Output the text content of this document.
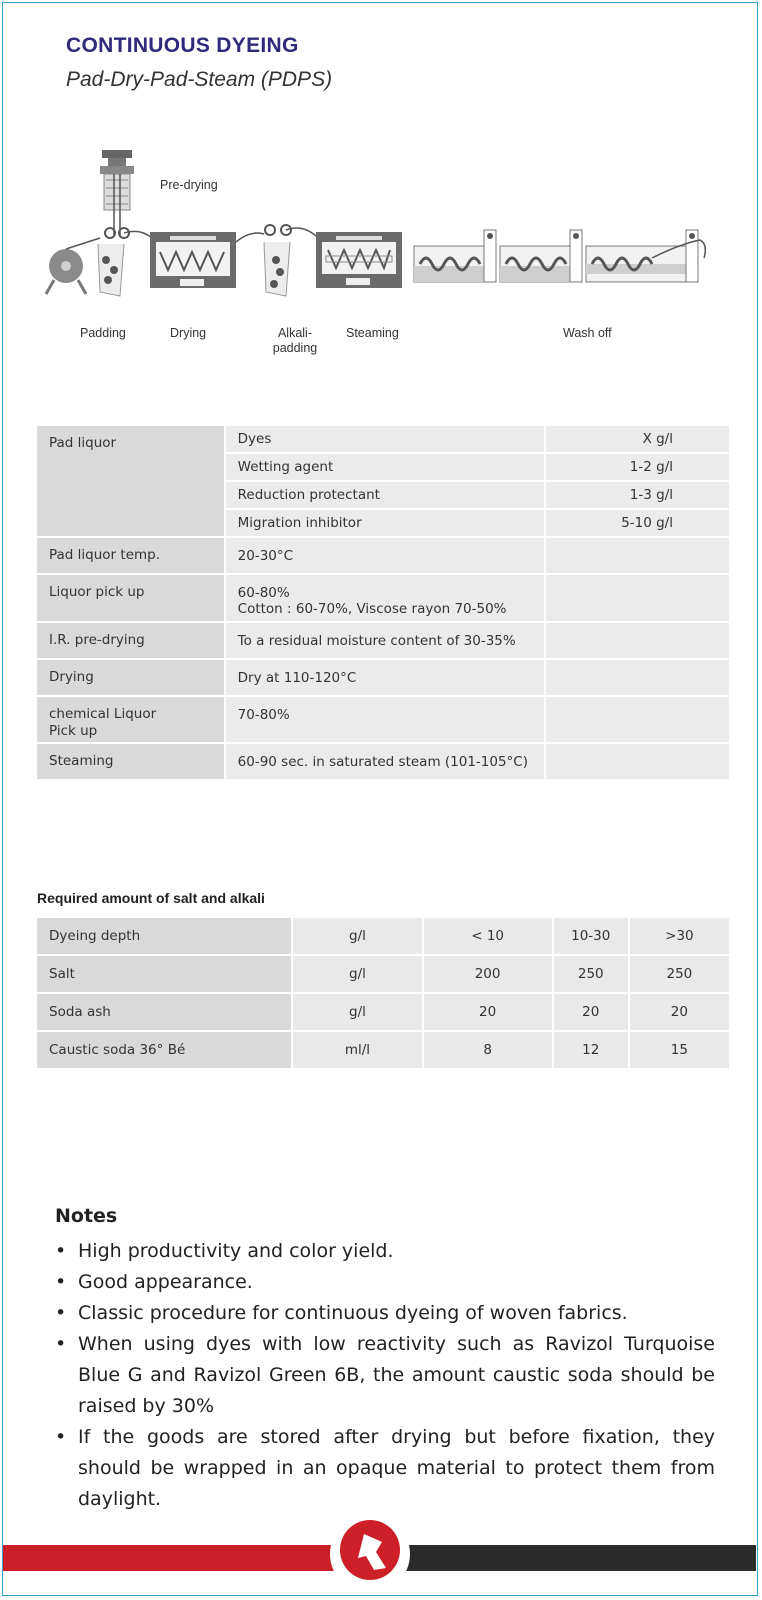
CONTINUOUS DYEING
Pad-Dry-Pad-Steam (PDPS)
Pre-drying
Padding	Drying	Alkali-
padding
Steaming	Wash off
Pad liquor	Dyes	X g/l
	Wetting agent	1-2 g/l
	Reduction protectant	1-3 g/l
	Migration inhibitor	5-10 g/l
Pad liquor temp.	20-30°C	
Liquor pick up	60-80%
Cotton : 60-70%, Viscose rayon 70-50%	
I.R. pre-drying	To a residual moisture content of 30-35%	
Drying	Dry at 110-120°C	
chemical Liquor
Pick up	70-80%	
Steaming	60-90 sec. in saturated steam (101-105°C)	
Required amount of salt and alkali
Dyeing depth	g/l	< 10	10-30	>30
Salt	g/l	200	250	250
Soda ash	g/l	20	20	20
Caustic soda 36° Bé	ml/l	8	12	15
Notes
• High productivity and color yield.
• Good appearance.
• Classic procedure for continuous dyeing of woven fabrics.
• When using dyes with low reactivity such as Ravizol Turquoise Blue G and Ravizol Green 6B, the amount caustic soda should be raised by 30%
• If the goods are stored after drying but before fixation, they should be wrapped in an opaque material to protect them from daylight.
